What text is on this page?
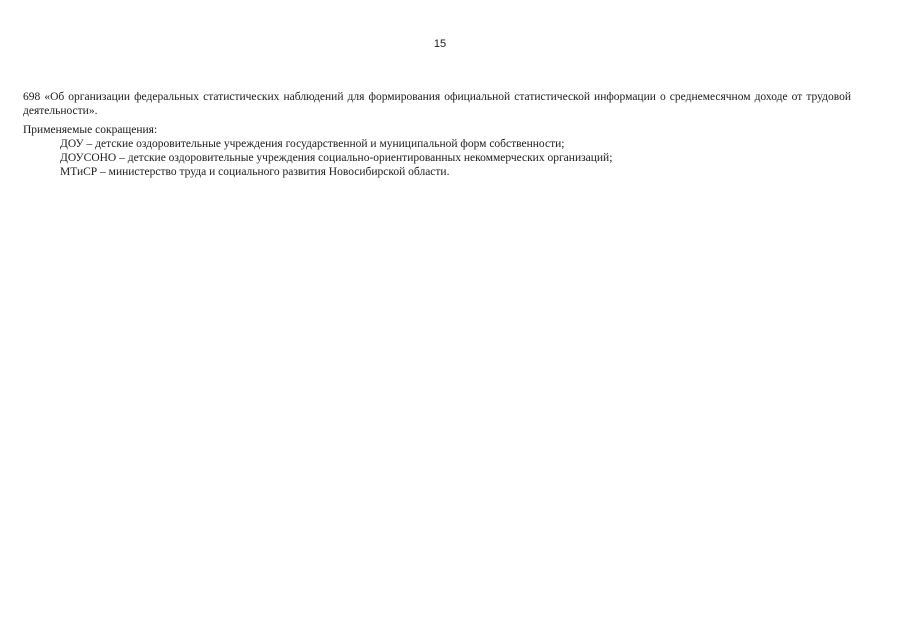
15

698 «Об организации федеральных статистических наблюдений для формирования официальной статистической информации о среднемесячном доходе от трудовой деятельности».

Применяемые сокращения:

ДОУ – детские оздоровительные учреждения государственной и муниципальной форм собственности;
ДОУСОНО – детские оздоровительные учреждения социально-ориентированных некоммерческих организаций;
МТиСР – министерство труда и социального развития Новосибирской области.
